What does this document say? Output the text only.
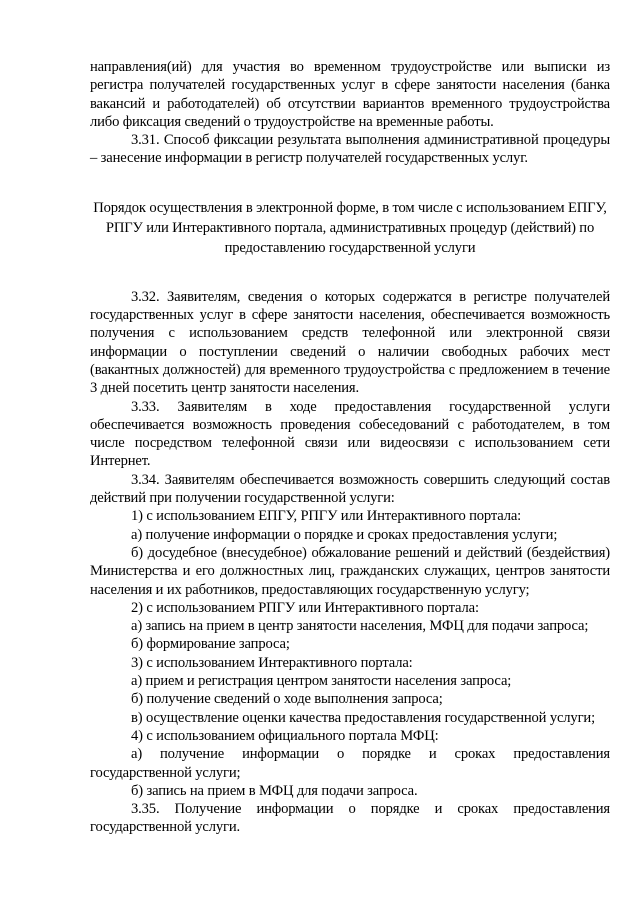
направления(ий) для участия во временном трудоустройстве или выписки из регистра получателей государственных услуг в сфере занятости населения (банка вакансий и работодателей) об отсутствии вариантов временного трудоустройства либо фиксация сведений о трудоустройстве на временные работы.

3.31. Способ фиксации результата выполнения административной процедуры – занесение информации в регистр получателей государственных услуг.

Порядок осуществления в электронной форме, в том числе с использованием ЕПГУ, РПГУ или Интерактивного портала, административных процедур (действий) по предоставлению государственной услуги

3.32. Заявителям, сведения о которых содержатся в регистре получателей государственных услуг в сфере занятости населения, обеспечивается возможность получения с использованием средств телефонной или электронной связи информации о поступлении сведений о наличии свободных рабочих мест (вакантных должностей) для временного трудоустройства с предложением в течение 3 дней посетить центр занятости населения.

3.33. Заявителям в ходе предоставления государственной услуги обеспечивается возможность проведения собеседований с работодателем, в том числе посредством телефонной связи или видеосвязи с использованием сети Интернет.

3.34. Заявителям обеспечивается возможность совершить следующий состав действий при получении государственной услуги:

1) с использованием ЕПГУ, РПГУ или Интерактивного портала:

а) получение информации о порядке и сроках предоставления услуги;

б) досудебное (внесудебное) обжалование решений и действий (бездействия) Министерства и его должностных лиц, гражданских служащих, центров занятости населения и их работников, предоставляющих государственную услугу;

2) с использованием РПГУ или Интерактивного портала:

а) запись на прием в центр занятости населения, МФЦ для подачи запроса;

б) формирование запроса;

3) с использованием Интерактивного портала:

а) прием и регистрация центром занятости населения запроса;

б) получение сведений о ходе выполнения запроса;

в) осуществление оценки качества предоставления государственной услуги;

4) с использованием официального портала МФЦ:

а) получение информации о порядке и сроках предоставления государственной услуги;

б) запись на прием в МФЦ для подачи запроса.

3.35. Получение информации о порядке и сроках предоставления государственной услуги.
